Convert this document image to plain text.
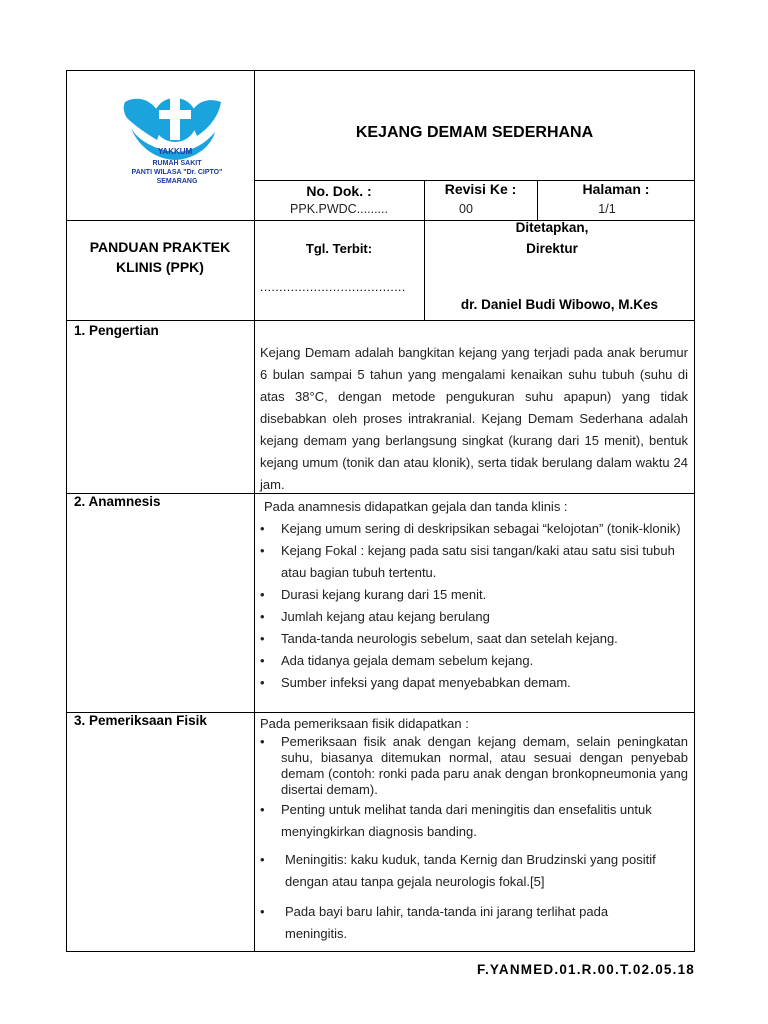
YAKKUM
RUMAH SAKIT
PANTI WILASA "Dr. CIPTO"
SEMARANG
KEJANG DEMAM SEDERHANA
No. Dok. :
PPK.PWDC.........
Revisi Ke :
00
Halaman :
1/1
PANDUAN PRAKTEK
KLINIS (PPK)
Tgl. Terbit:
......................................
Ditetapkan,
Direktur
dr. Daniel Budi Wibowo, M.Kes
1. Pengertian
Kejang Demam adalah bangkitan kejang yang terjadi pada anak berumur 6 bulan sampai 5 tahun yang mengalami kenaikan suhu tubuh (suhu di atas 38°C, dengan metode pengukuran suhu apapun) yang tidak disebabkan oleh proses intrakranial. Kejang Demam Sederhana adalah kejang demam yang berlangsung singkat (kurang dari 15 menit), bentuk kejang umum (tonik dan atau klonik), serta tidak berulang dalam waktu 24 jam.
2. Anamnesis	Pada anamnesis didapatkan gejala dan tanda klinis :
• Kejang umum sering di deskripsikan sebagai “kelojotan” (tonik-klonik)
• Kejang Fokal : kejang pada satu sisi tangan/kaki atau satu sisi tubuh atau bagian tubuh tertentu.
• Durasi kejang kurang dari 15 menit.
• Jumlah kejang atau kejang berulang
• Tanda-tanda neurologis sebelum, saat dan setelah kejang.
• Ada tidanya gejala demam sebelum kejang.
• Sumber infeksi yang dapat menyebabkan demam.
3. Pemeriksaan Fisik	Pada pemeriksaan fisik didapatkan :
• Pemeriksaan fisik anak dengan kejang demam, selain peningkatan suhu, biasanya ditemukan normal, atau sesuai dengan penyebab demam (contoh: ronki pada paru anak dengan bronkopneumonia yang disertai demam).
• Penting untuk melihat tanda dari meningitis dan ensefalitis untuk menyingkirkan diagnosis banding.
• Meningitis: kaku kuduk, tanda Kernig dan Brudzinski yang positif dengan atau tanpa gejala neurologis fokal.[5]
• Pada bayi baru lahir, tanda-tanda ini jarang terlihat pada meningitis.
F.YANMED.01.R.00.T.02.05.18
